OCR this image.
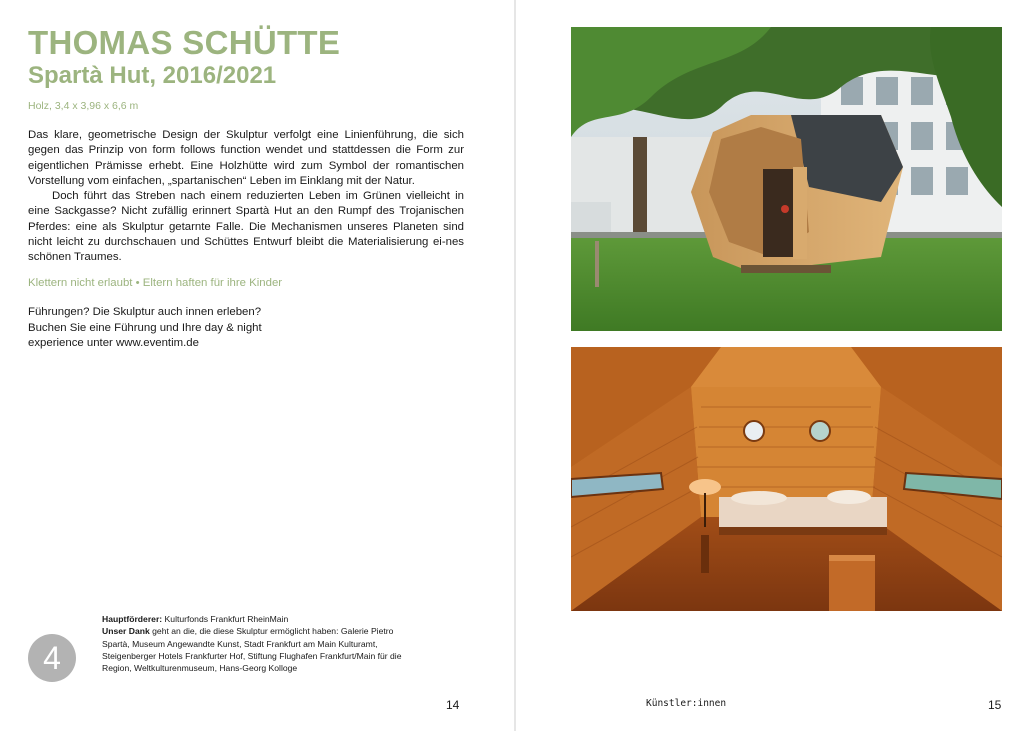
THOMAS SCHÜTTE
Spartà Hut, 2016/2021
Holz, 3,4 x 3,96 x 6,6 m

Das klare, geometrische Design der Skulptur verfolgt eine Linienführung, die sich gegen das Prinzip von form follows function wendet und stattdessen die Form zur eigentlichen Prämisse erhebt. Eine Holzhütte wird zum Symbol der romantischen Vorstellung vom einfachen, „spartanischen“ Leben im Einklang mit der Natur.

Doch führt das Streben nach einem reduzierten Leben im Grünen vielleicht in eine Sackgasse? Nicht zufällig erinnert Spartà Hut an den Rumpf des Trojanischen Pferdes: eine als Skulptur getarnte Falle. Die Mechanismen unseres Planeten sind nicht leicht zu durchschauen und Schüttes Entwurf bleibt die Materialisierung ei-nes schönen Traumes.

Klettern nicht erlaubt • Eltern haften für ihre Kinder
Führungen? Die Skulptur auch innen erleben?
Buchen Sie eine Führung und Ihre day & night
experience unter www.eventim.de
4
Hauptförderer: Kulturfonds Frankfurt RheinMain
Unser Dank geht an die, die diese Skulptur ermöglicht haben: Galerie Pietro Spartà, Museum Angewandte Kunst, Stadt Frankfurt am Main Kulturamt, Steigenberger Hotels Frankfurter Hof, Stiftung Flughafen Frankfurt/Main für die Region, Weltkulturenmuseum, Hans-Georg Kolloge
14	Künstler:innen	15
